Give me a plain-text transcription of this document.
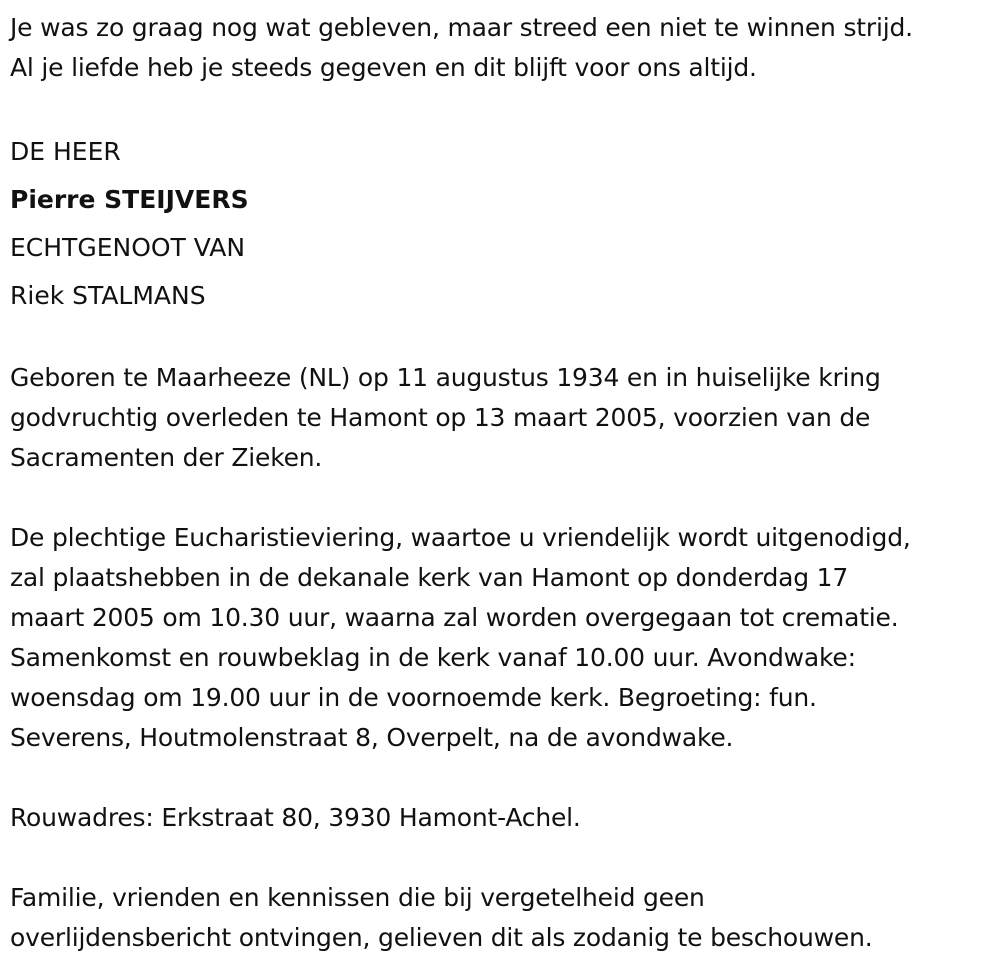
Je was zo graag nog wat gebleven, maar streed een niet te winnen strijd.
Al je liefde heb je steeds gegeven en dit blijft voor ons altijd.
DE HEER
Pierre STEIJVERS
ECHTGENOOT VAN
Riek STALMANS
Geboren te Maarheeze (NL) op 11 augustus 1934 en in huiselijke kring
godvruchtig overleden te Hamont op 13 maart 2005, voorzien van de
Sacramenten der Zieken.
De plechtige Eucharistieviering, waartoe u vriendelijk wordt uitgenodigd,
zal plaatshebben in de dekanale kerk van Hamont op donderdag 17
maart 2005 om 10.30 uur, waarna zal worden overgegaan tot crematie.
Samenkomst en rouwbeklag in de kerk vanaf 10.00 uur. Avondwake:
woensdag om 19.00 uur in de voornoemde kerk. Begroeting: fun.
Severens, Houtmolenstraat 8, Overpelt, na de avondwake.
Rouwadres: Erkstraat 80, 3930 Hamont-Achel.
Familie, vrienden en kennissen die bij vergetelheid geen
overlijdensbericht ontvingen, gelieven dit als zodanig te beschouwen.
